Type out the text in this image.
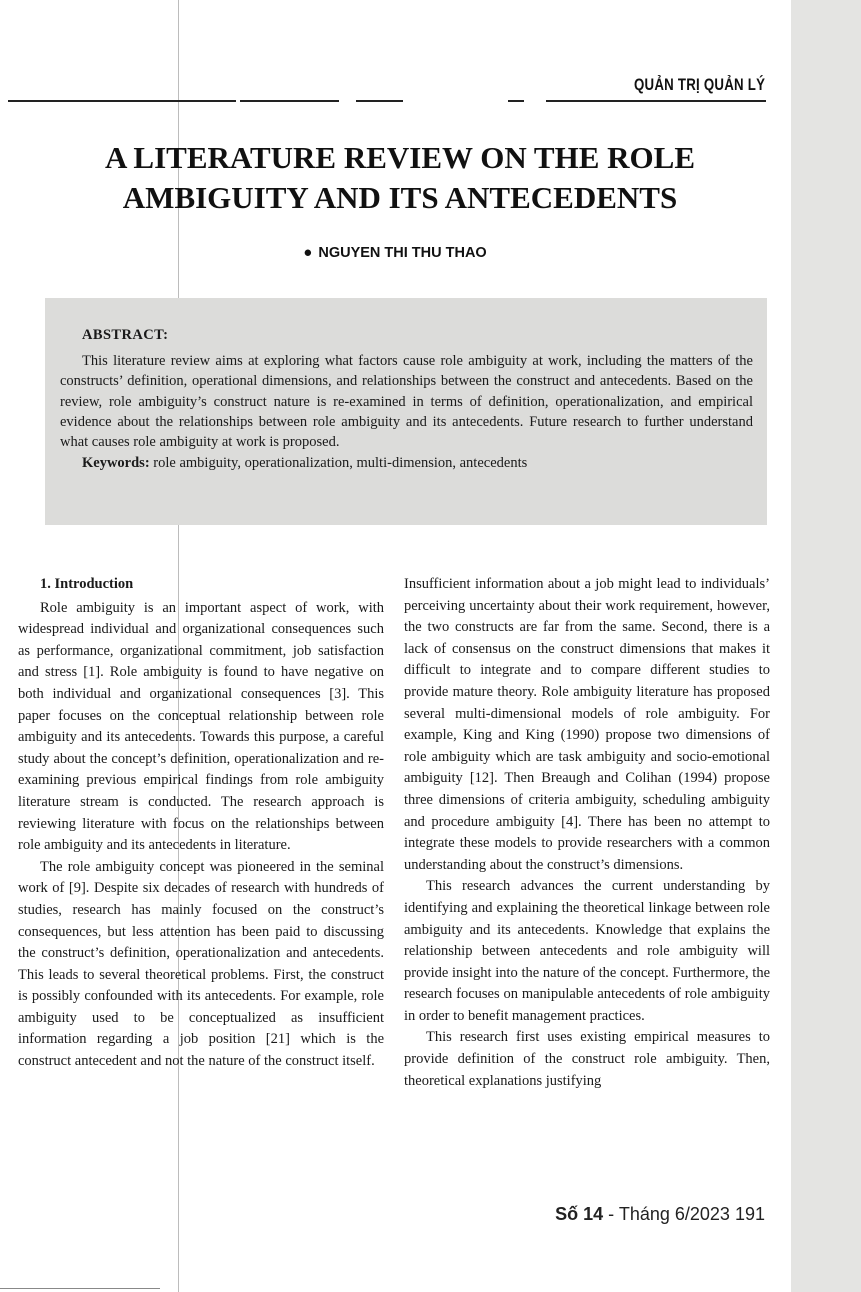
QUẢN TRỊ QUẢN LÝ
A LITERATURE REVIEW ON THE ROLE
AMBIGUITY AND ITS ANTECEDENTS
● NGUYEN THI THU THAO
ABSTRACT:

This literature review aims at exploring what factors cause role ambiguity at work, including the matters of the constructs’ definition, operational dimensions, and relationships between the construct and antecedents. Based on the review, role ambiguity’s construct nature is re-examined in terms of definition, operationalization, and empirical evidence about the relationships between role ambiguity and its antecedents. Future research to further understand what causes role ambiguity at work is proposed.

Keywords: role ambiguity, operationalization, multi-dimension, antecedents
1. Introduction

Role ambiguity is an important aspect of work, with widespread individual and organizational consequences such as performance, organizational commitment, job satisfaction and stress [1]. Role ambiguity is found to have negative on both individual and organizational consequences [3]. This paper focuses on the conceptual relationship between role ambiguity and its antecedents. Towards this purpose, a careful study about the concept’s definition, operationalization and re-examining previous empirical findings from role ambiguity literature stream is conducted. The research approach is reviewing literature with focus on the relationships between role ambiguity and its antecedents in literature.

The role ambiguity concept was pioneered in the seminal work of [9]. Despite six decades of research with hundreds of studies, research has mainly focused on the construct’s consequences, but less attention has been paid to discussing the construct’s definition, operationalization and antecedents. This leads to several theoretical problems. First, the construct is possibly confounded with its antecedents. For example, role ambiguity used to be conceptualized as insufficient information regarding a job position [21] which is the construct antecedent and not the nature of the construct itself.

Insufficient information about a job might lead to individuals’ perceiving uncertainty about their work requirement, however, the two constructs are far from the same. Second, there is a lack of consensus on the construct dimensions that makes it difficult to integrate and to compare different studies to provide mature theory. Role ambiguity literature has proposed several multi-dimensional models of role ambiguity. For example, King and King (1990) propose two dimensions of role ambiguity which are task ambiguity and socio-emotional ambiguity [12]. Then Breaugh and Colihan (1994) propose three dimensions of criteria ambiguity, scheduling ambiguity and procedure ambiguity [4]. There has been no attempt to integrate these models to provide researchers with a common understanding about the construct’s dimensions.

This research advances the current understanding by identifying and explaining the theoretical linkage between role ambiguity and its antecedents. Knowledge that explains the relationship between antecedents and role ambiguity will provide insight into the nature of the concept. Furthermore, the research focuses on manipulable antecedents of role ambiguity in order to benefit management practices.

This research first uses existing empirical measures to provide definition of the construct role ambiguity. Then, theoretical explanations justifying

Số 14 - Tháng 6/2023 191
